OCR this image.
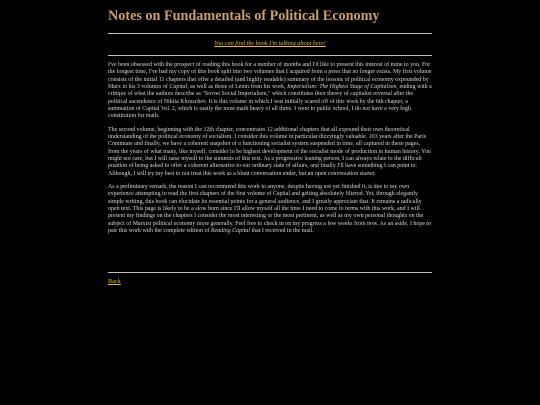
Notes on Fundamentals of Political Economy
You can find the book I'm talking about here!

I've been obsessed with the prospect of reading this book for a number of months and I'd like to present this interest of mine to you. For the longest time, I've had my copy of this book split into two volumes that I acquired from a press that no longer exists. My first volume consists of the initial 11 chapters that offer a detailed (and highly readable) summary of the lessons of political economy expounded by Marx in his 3 volumes of Capital, as well as those of Lenin from his work, Imperialism: The Highest Stage of Capitalism, ending with a critique of what the authors describe as "Soviet Social Imperialism," which constitutes their theory of capitalist reversal after the political ascendence of Nikita Khruschev. It is this volume in which I was initially scared off of this work by the 6th chapter, a summation of Capital Vol. 2, which is easily the most math heavy of all three. I went to public school, I do not have a very high constitution for math.

The second volume, beginning with the 12th chapter, concentrates 12 additional chapters that all expound their own theoretical understanding of the political economy of socialism. I consider this volume in particular dizzyingly valuable. 103 years after the Paris Commune and finally, we have a coherent snapshot of a functioning socialist system suspended in time, all captured in these pages, from the years of what many, like myself, consider to be highest development of the socialist mode of production in human history. You might not care, but I will raise myself to the summits of this text. As a progressive leaning person, I can always relate to the difficult position of being asked to offer a coherent alternative to our ordinary state of affairs, and finally I'll have something I can point to. Although, I will try my best to not treat this work as a blunt conversation ender, but an open conversation starter.

As a preliminary remark, the reason I can recommend this work to anyone, despite having not yet finished it, is due to my own experience attempting to read the first chapters of the first volume of Capital and getting absolutely filtered. Yet, through elegantly simple writing, this book can elucidate its essential points for a general audience, and I greatly appreciate that. It remains a radically open text. This page is likely to be a slow burn since I'll allow myself all the time I need to come to terms with this work, and I will present my findings on the chapters I consider the most interesting or the most pertinent, as well as my own personal thoughts on the subject of Marxist political economy more generally. Feel free to check in on my progress a few weeks from now. As an aside, I hope to pair this work with the complete edition of Reading Capital that I received in the mail.

Back
